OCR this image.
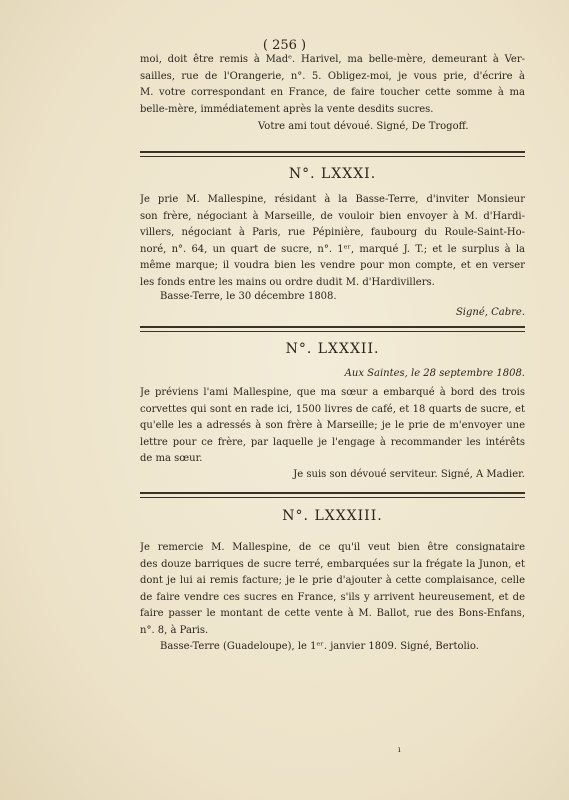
( 256 )
moi, doit être remis à Madᵉ. Harivel, ma belle-mère, demeurant à Ver-
sailles, rue de l'Orangerie, n°. 5. Obligez-moi, je vous prie, d'écrire à
M. votre correspondant en France, de faire toucher cette somme à ma
belle-mère, immédiatement après la vente desdits sucres.
Votre ami tout dévoué. Signé, De Trogoff.
N°. LXXXI.
Je prie M. Mallespine, résidant à la Basse-Terre, d'inviter Monsieur
son frère, négociant à Marseille, de vouloir bien envoyer à M. d'Hardi-
villers, négociant à Paris, rue Pépinière, faubourg du Roule-Saint-Ho-
noré, n°. 64, un quart de sucre, n°. 1ᵉʳ, marqué J. T.; et le surplus à la
même marque; il voudra bien les vendre pour mon compte, et en verser
les fonds entre les mains ou ordre dudit M. d'Hardivillers.
Basse-Terre, le 30 décembre 1808.
Signé, Cabre.
N°. LXXXII.
Aux Saintes, le 28 septembre 1808.
Je préviens l'ami Mallespine, que ma sœur a embarqué à bord des trois
corvettes qui sont en rade ici, 1500 livres de café, et 18 quarts de sucre, et
qu'elle les a adressés à son frère à Marseille; je le prie de m'envoyer une
lettre pour ce frère, par laquelle je l'engage à recommander les intérêts
de ma sœur.
Je suis son dévoué serviteur. Signé, A Madier.
N°. LXXXIII.
Je remercie M. Mallespine, de ce qu'il veut bien être consignataire
des douze barriques de sucre terré, embarquées sur la frégate la Junon, et
dont je lui ai remis facture; je le prie d'ajouter à cette complaisance, celle
de faire vendre ces sucres en France, s'ils y arrivent heureusement, et de
faire passer le montant de cette vente à M. Ballot, rue des Bons-Enfans,
n°. 8, à Paris.
Basse-Terre (Guadeloupe), le 1ᵉʳ. janvier 1809. Signé, Bertolio.
ı
